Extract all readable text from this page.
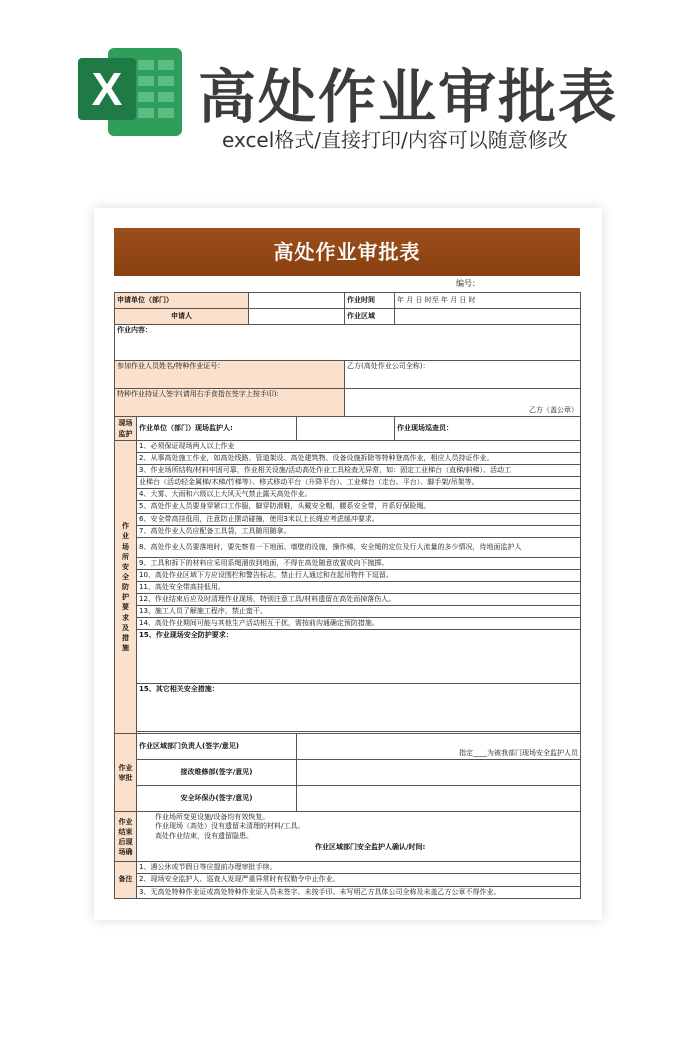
X 高处作业审批表
excel格式/直接打印/内容可以随意修改
高处作业审批表
编号：
申请单位（部门）				作业时间	年 月 日 时至 年 月 日 时
申请人				作业区域	
作业内容：					
参加作业人员姓名/特种作业证号：				乙方(高处作业公司全称)：	
特种作业持证人签字(请用右手食指在签字上按手印):				乙方（盖公章）	
现场监护	作业单位（部门）现场监护人:				作业现场巡查员：
作业场所安全防护要求及措施	1、必须保证现场两人以上作业				
	2、从事高处施工作业，如高处线路、管道架设、高处建筑物、设备设施拆除等特种登高作业，相应人员持证作业。				
	3、作业场所结构/材料牢固可靠，作业相关设施/活动高处作业工具检查无异常，如：固定工业梯台（直梯/斜梯）、活动工				
	业梯台（活动轻金属梯/木梯/竹梯等）、移式移动平台（升降平台）、工业梯台（走台、平台）、脚手架/吊架等。				
	4、大雾、大雨和六级以上大风天气禁止露天高处作业。				
	5、高处作业人员要身穿紧口工作服，脚穿防滑鞋，头戴安全帽，腰系安全带，并系好保险绳。				
	6、安全带高挂低用，注意防止摆动碰撞，使用3米以上长绳应考虑缓冲要求。				
	7、高处作业人员应配备工具袋，工具随用随拿。				
	8、高处作业人员要落地时，要先察看一下地面、墙壁的设施，操作梯，安全绳的定位及行人流量的多少情况，待地面监护人				
	9、工具和拆下的材料应采用系绳溜放到地面，不得在高处随意放置或向下抛掷。				
	10、高处作业区域下方应设围栏和警告标志，禁止行人通过和在起吊物件下逗留。				
	11、高处安全带高挂低用。				
	12、作业结束后应及时清理作业现场，特别注意工具/材料遗留在高处而掉落伤人。				
	13、施工人员了解施工程序，禁止蛮干。				
	14、高处作业期间可能与其他生产活动相互干扰，需按前沟通确定预防措施。				
	15、作业现场安全防护要求：				
	15、其它相关安全措施：				

作业审批	作业区域部门负责人(签字/意见)		指定____为被我部门现场安全监护人员		
	接改维修部(签字/意见)				
	安全环保办(签字/意见)				
作业结束后现场确	作业场所变更设施/设备均有效恢复。
作业现场（高处）没有遗留未清理的材料/工具。
高处作业结束，没有遗留隐患。
作业区域部门安全监护人确认/时间:				

备注	1、遇公休或节假日等应提前办理审批手续。				
	2、现场安全监护人、巡查人发现严重异常时有权勒令中止作业。				
	3、无高处特种作业证或高处特种作业证人员未签字、未按手印、未写明乙方具体公司全称及未盖乙方公章不得作业。				
